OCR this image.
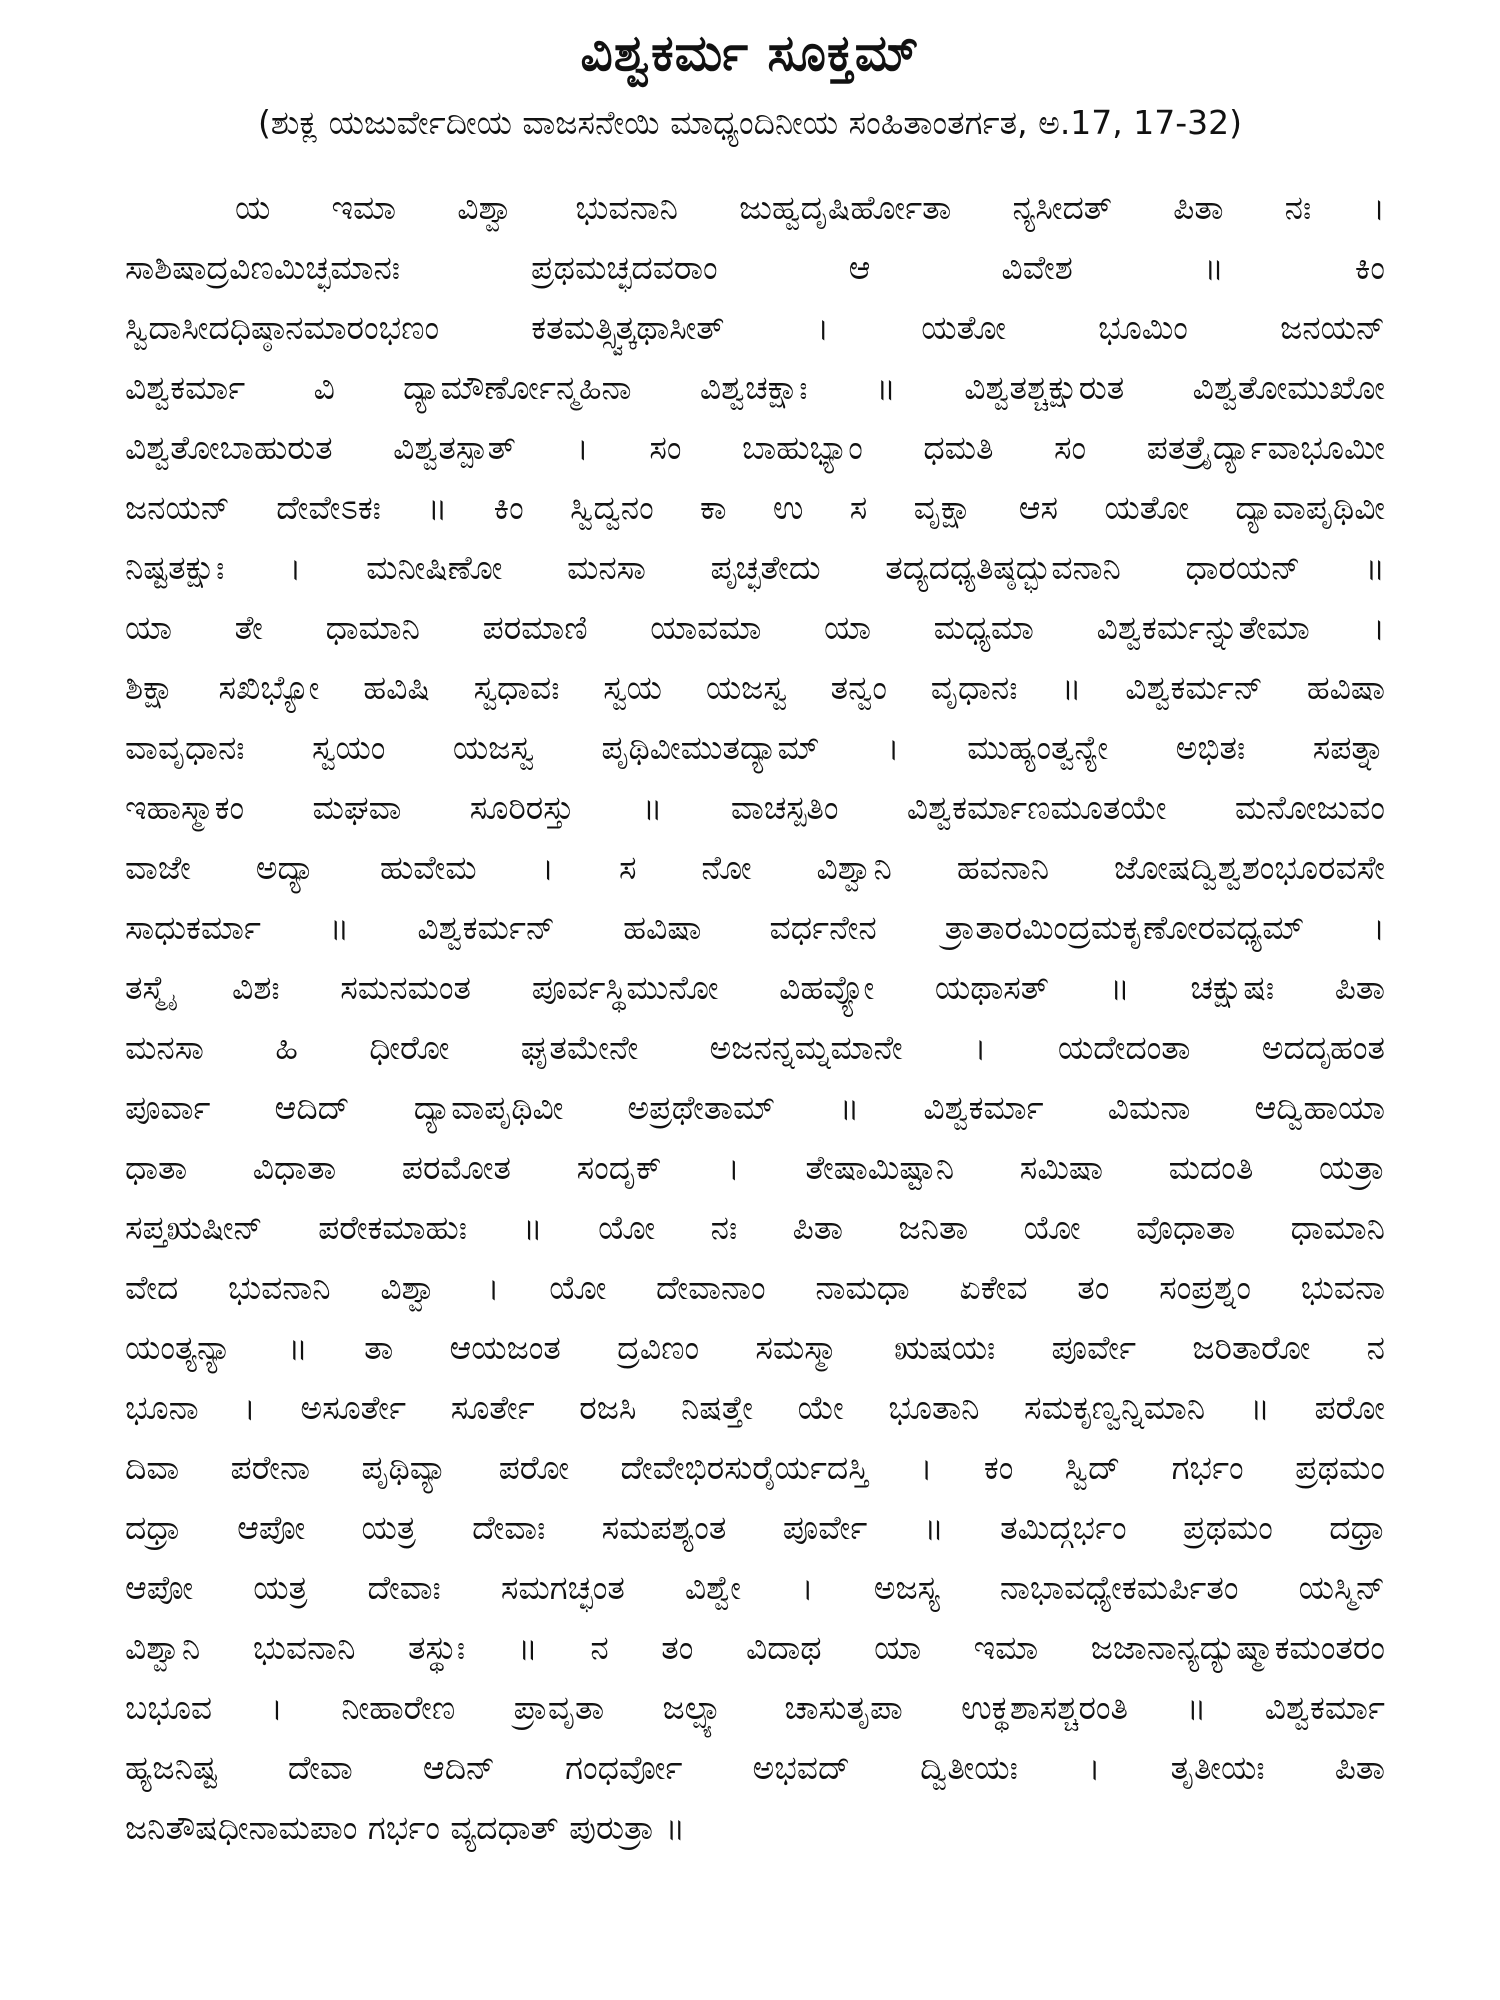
ವಿಶ್ವಕರ್ಮ ಸೂಕ್ತಮ್
(ಶುಕ್ಲ ಯಜುರ್ವೇದೀಯ ವಾಜಸನೇಯಿ ಮಾಧ್ಯಂದಿನೀಯ ಸಂಹಿತಾಂತರ್ಗತ, ಅ.17, 17-32)
ಯ ಇಮಾ ವಿಶ್ವಾ ಭುವನಾನಿ ಜುಹ್ವದೃಷಿರ್ಹೋತಾ ನ್ಯಸೀದತ್ ಪಿತಾ ನಃ ।
ಸಾಶಿಷಾದ್ರವಿಣಮಿಚ್ಛಮಾನಃ ಪ್ರಥಮಚ್ಛದವರಾಂ ಆ ವಿವೇಶ ॥ ಕಿಂ
ಸ್ವಿದಾಸೀದಧಿಷ್ಠಾನಮಾರಂಭಣಂ ಕತಮತ್ಸ್ವಿತ್ಕಥಾಸೀತ್ । ಯತೋ ಭೂಮಿಂ ಜನಯನ್
ವಿಶ್ವಕರ್ಮಾ ವಿ ದ್ಯಾಮೌರ್ಣೋನ್ಮಹಿನಾ ವಿಶ್ವಚಕ್ಷಾಃ ॥ ವಿಶ್ವತಶ್ಚಕ್ಷುರುತ ವಿಶ್ವತೋಮುಖೋ
ವಿಶ್ವತೋಬಾಹುರುತ ವಿಶ್ವತಸ್ಪಾತ್ । ಸಂ ಬಾಹುಭ್ಯಾಂ ಧಮತಿ ಸಂ ಪತತ್ರೈರ್ದ್ಯಾವಾಭೂಮೀ
ಜನಯನ್ ದೇವೇಽಕಃ ॥ ಕಿಂ ಸ್ವಿದ್ವನಂ ಕಾ ಉ ಸ ವೃಕ್ಷಾ ಆಸ ಯತೋ ದ್ಯಾವಾಪೃಥಿವೀ
ನಿಷ್ಟತಕ್ಷುಃ । ಮನೀಷಿಣೋ ಮನಸಾ ಪೃಚ್ಛತೇದು ತದ್ಯದಧ್ಯತಿಷ್ಠದ್ಭುವನಾನಿ ಧಾರಯನ್ ॥
ಯಾ ತೇ ಧಾಮಾನಿ ಪರಮಾಣಿ ಯಾವಮಾ ಯಾ ಮಧ್ಯಮಾ ವಿಶ್ವಕರ್ಮನ್ನುತೇಮಾ ।
ಶಿಕ್ಷಾ ಸಖಿಭ್ಯೋ ಹವಿಷಿ ಸ್ವಧಾವಃ ಸ್ವಯ ಯಜಸ್ವ ತನ್ವಂ ವೃಧಾನಃ ॥ ವಿಶ್ವಕರ್ಮನ್ ಹವಿಷಾ
ವಾವೃಧಾನಃ ಸ್ವಯಂ ಯಜಸ್ವ ಪೃಥಿವೀಮುತದ್ಯಾಮ್ । ಮುಹ್ಯಂತ್ವನ್ಯೇ ಅಭಿತಃ ಸಪತ್ನಾ
ಇಹಾಸ್ಮಾಕಂ ಮಘವಾ ಸೂರಿರಸ್ತು ॥ ವಾಚಸ್ಪತಿಂ ವಿಶ್ವಕರ್ಮಾಣಮೂತಯೇ ಮನೋಜುವಂ
ವಾಜೇ ಅದ್ಯಾ ಹುವೇಮ । ಸ ನೋ ವಿಶ್ವಾನಿ ಹವನಾನಿ ಜೋಷದ್ವಿಶ್ವಶಂಭೂರವಸೇ
ಸಾಧುಕರ್ಮಾ ॥ ವಿಶ್ವಕರ್ಮನ್ ಹವಿಷಾ ವರ್ಧನೇನ ತ್ರಾತಾರಮಿಂದ್ರಮಕೃಣೋರವಧ್ಯಮ್ ।
ತಸ್ಮೈ ವಿಶಃ ಸಮನಮಂತ ಪೂರ್ವಸ್ಥಿಮುನೋ ವಿಹವ್ಯೋ ಯಥಾಸತ್ ॥ ಚಕ್ಷುಷಃ ಪಿತಾ
ಮನಸಾ ಹಿ ಧೀರೋ ಘೃತಮೇನೇ ಅಜನನ್ನಮ್ನಮಾನೇ । ಯದೇದಂತಾ ಅದದೃಹಂತ
ಪೂರ್ವಾ ಆದಿದ್ ದ್ಯಾವಾಪೃಥಿವೀ ಅಪ್ರಥೇತಾಮ್ ॥ ವಿಶ್ವಕರ್ಮಾ ವಿಮನಾ ಆದ್ವಿಹಾಯಾ
ಧಾತಾ ವಿಧಾತಾ ಪರಮೋತ ಸಂದೃಕ್ । ತೇಷಾಮಿಷ್ಟಾನಿ ಸಮಿಷಾ ಮದಂತಿ ಯತ್ರಾ
ಸಪ್ತಋಷೀನ್ ಪರೇಕಮಾಹುಃ ॥ ಯೋ ನಃ ಪಿತಾ ಜನಿತಾ ಯೋ ವೊಧಾತಾ ಧಾಮಾನಿ
ವೇದ ಭುವನಾನಿ ವಿಶ್ವಾ । ಯೋ ದೇವಾನಾಂ ನಾಮಧಾ ಏಕೇವ ತಂ ಸಂಪ್ರಶ್ನಂ ಭುವನಾ
ಯಂತ್ಯನ್ಯಾ ॥ ತಾ ಆಯಜಂತ ದ್ರವಿಣಂ ಸಮಸ್ಮಾ ಋಷಯಃ ಪೂರ್ವೇ ಜರಿತಾರೋ ನ
ಭೂನಾ । ಅಸೂರ್ತೇ ಸೂರ್ತೇ ರಜಸಿ ನಿಷತ್ತೇ ಯೇ ಭೂತಾನಿ ಸಮಕೃಣ್ವನ್ನಿಮಾನಿ ॥ ಪರೋ
ದಿವಾ ಪರೇನಾ ಪೃಥಿವ್ಯಾ ಪರೋ ದೇವೇಭಿರಸುರೈರ್ಯದಸ್ತಿ । ಕಂ ಸ್ವಿದ್ ಗರ್ಭಂ ಪ್ರಥಮಂ
ದಧ್ರಾ ಆಪೋ ಯತ್ರ ದೇವಾಃ ಸಮಪಶ್ಯಂತ ಪೂರ್ವೇ ॥ ತಮಿದ್ಗರ್ಭಂ ಪ್ರಥಮಂ ದಧ್ರಾ
ಆಪೋ ಯತ್ರ ದೇವಾಃ ಸಮಗಚ್ಛಂತ ವಿಶ್ವೇ । ಅಜಸ್ಯ ನಾಭಾವಧ್ಯೇಕಮರ್ಪಿತಂ ಯಸ್ಮಿನ್
ವಿಶ್ವಾನಿ ಭುವನಾನಿ ತಸ್ಥುಃ ॥ ನ ತಂ ವಿದಾಥ ಯಾ ಇಮಾ ಜಜಾನಾನ್ಯದ್ಯುಷ್ಮಾಕಮಂತರಂ
ಬಭೂವ । ನೀಹಾರೇಣ ಪ್ರಾವೃತಾ ಜಲ್ಪ್ಯಾ ಚಾಸುತೃಪಾ ಉಕ್ಥಶಾಸಶ್ಚರಂತಿ ॥ ವಿಶ್ವಕರ್ಮಾ
ಹ್ಯಜನಿಷ್ಟ ದೇವಾ ಆದಿನ್ ಗಂಧರ್ವೋ ಅಭವದ್ ದ್ವಿತೀಯಃ । ತೃತೀಯಃ ಪಿತಾ
ಜನಿತೌಷಧೀನಾಮಪಾಂ ಗರ್ಭಂ ವ್ಯದಧಾತ್ ಪುರುತ್ರಾ ॥
